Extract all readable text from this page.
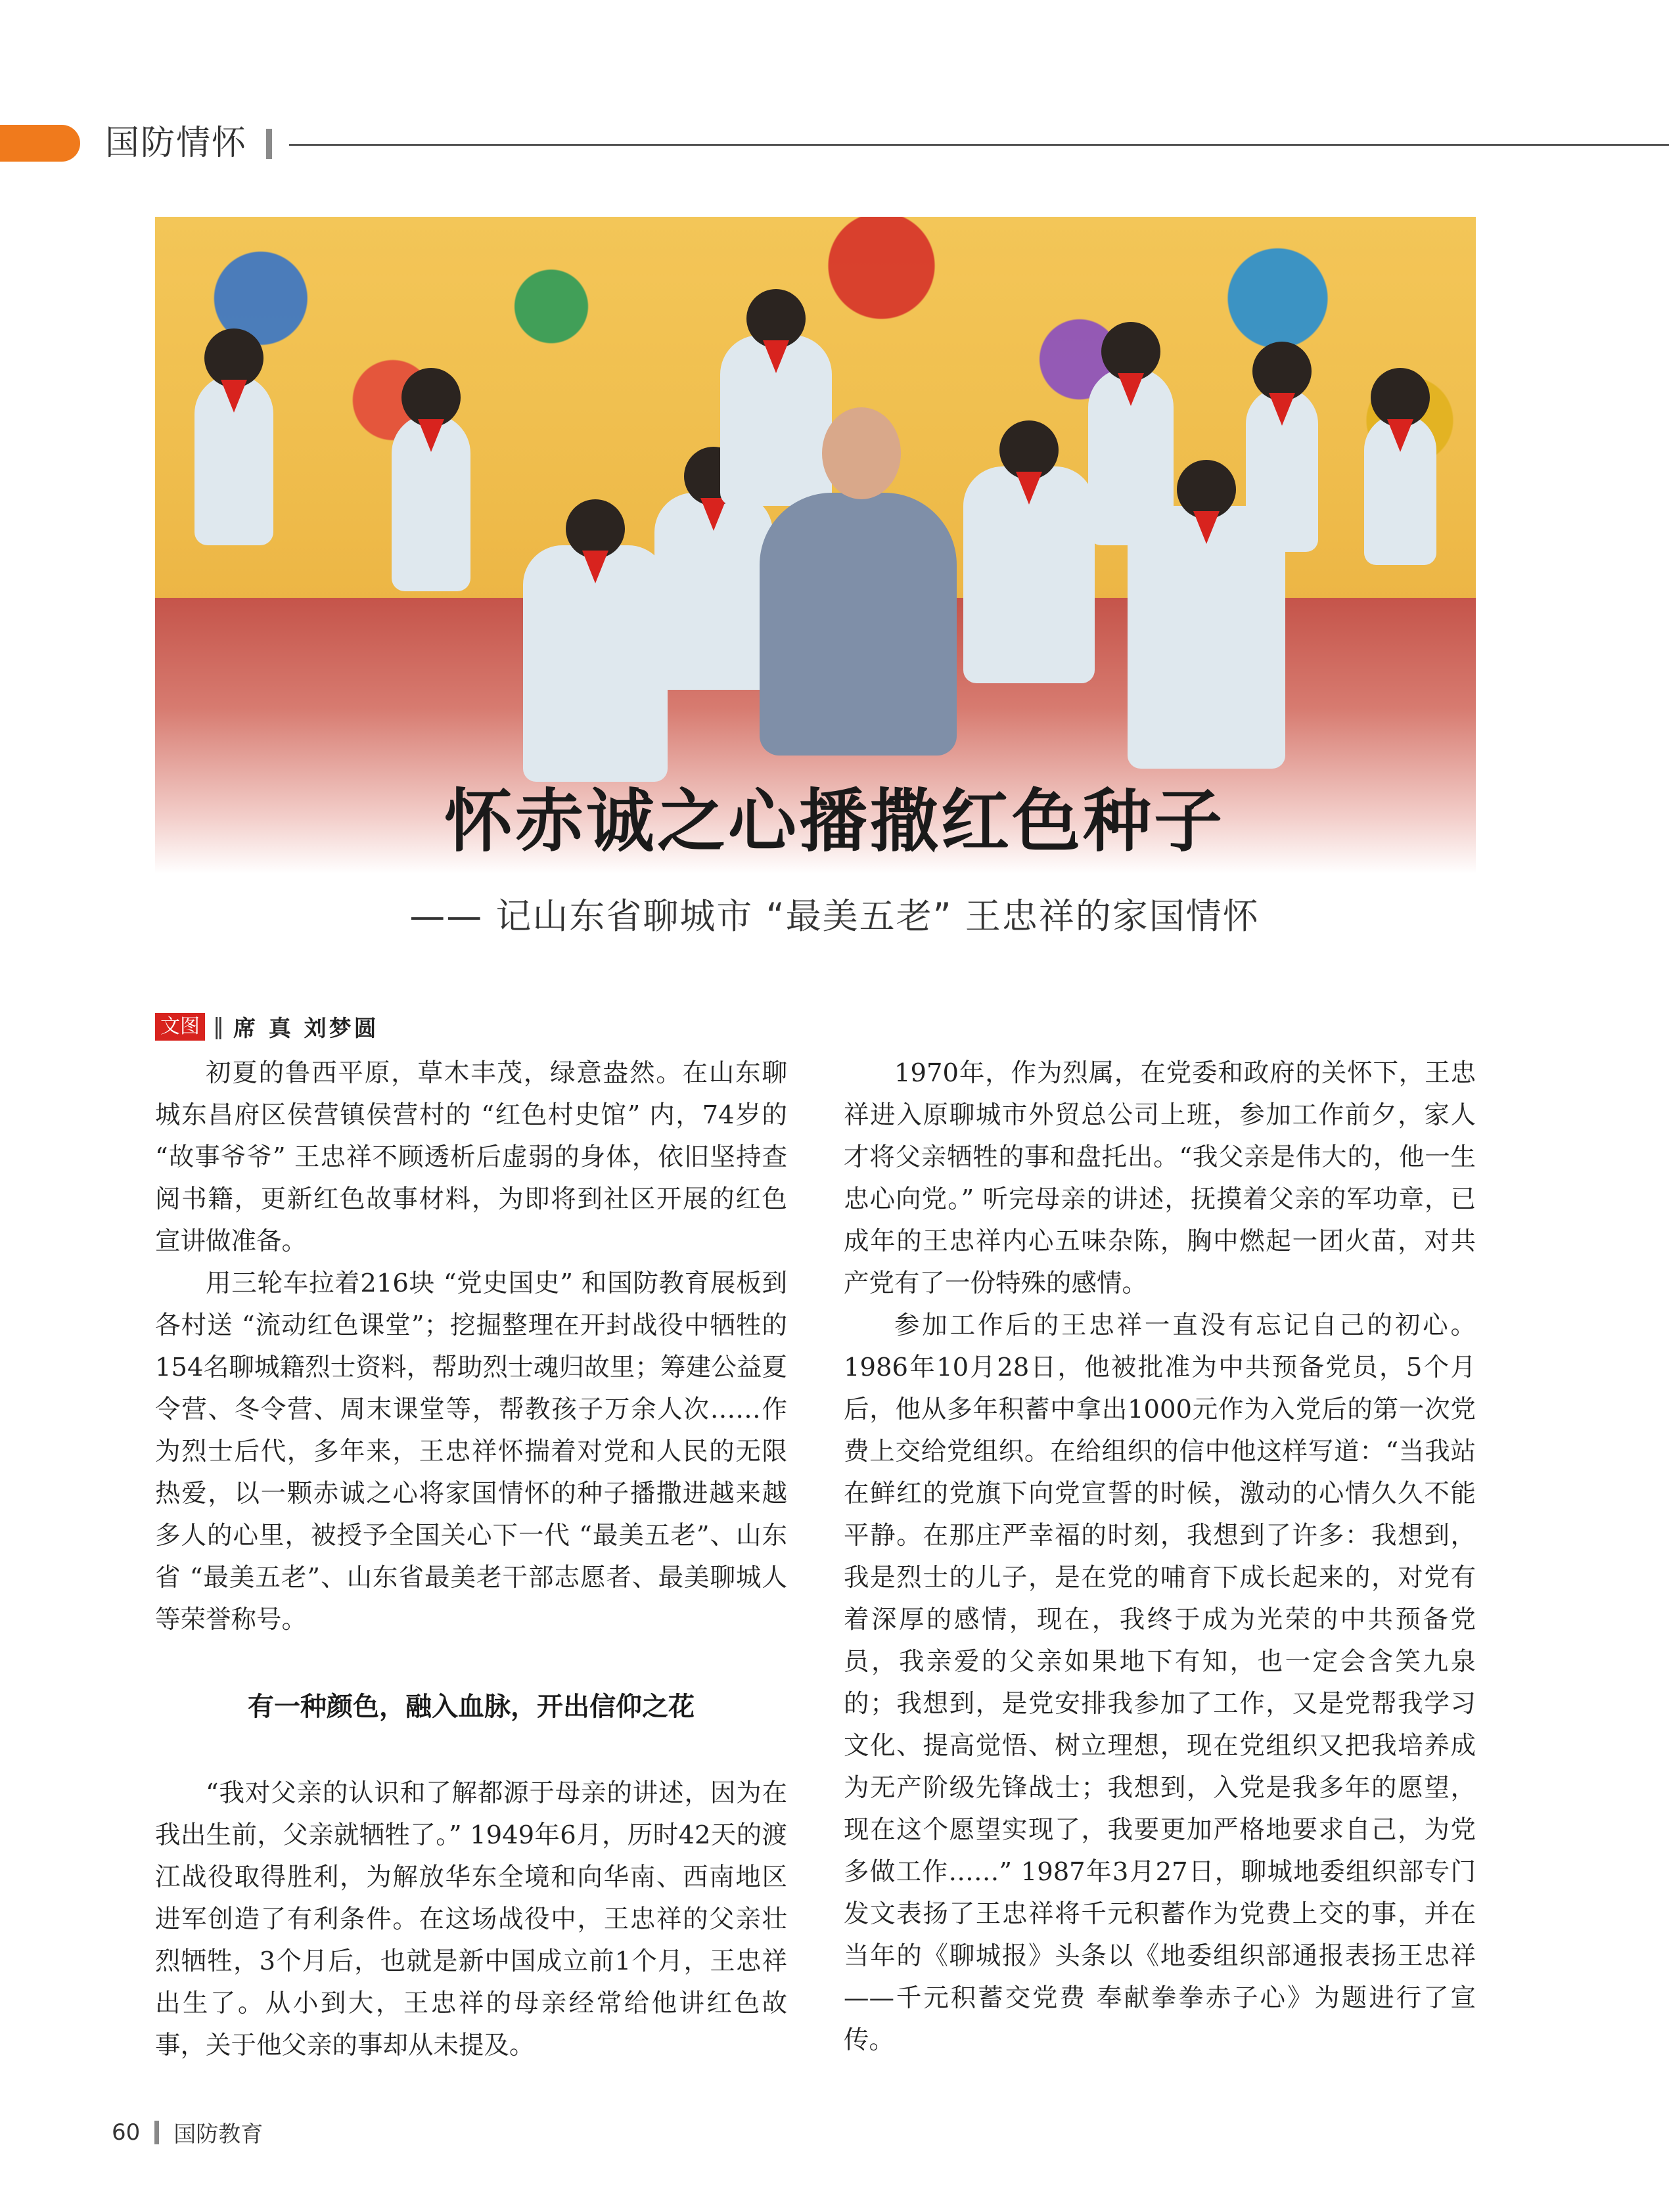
国防情怀
怀赤诚之心播撒红色种子
—— 记山东省聊城市 “最美五老” 王忠祥的家国情怀
文图 ‖ 席 真 刘梦圆

初夏的鲁西平原，草木丰茂，绿意盎然。在山东聊城东昌府区侯营镇侯营村的 “红色村史馆” 内，74岁的 “故事爷爷” 王忠祥不顾透析后虚弱的身体，依旧坚持查阅书籍，更新红色故事材料，为即将到社区开展的红色宣讲做准备。

用三轮车拉着216块 “党史国史” 和国防教育展板到各村送 “流动红色课堂”；挖掘整理在开封战役中牺牲的154名聊城籍烈士资料，帮助烈士魂归故里；筹建公益夏令营、冬令营、周末课堂等，帮教孩子万余人次……作为烈士后代，多年来，王忠祥怀揣着对党和人民的无限热爱，以一颗赤诚之心将家国情怀的种子播撒进越来越多人的心里，被授予全国关心下一代 “最美五老”、山东省 “最美五老”、山东省最美老干部志愿者、最美聊城人等荣誉称号。

有一种颜色，融入血脉，开出信仰之花

“我对父亲的认识和了解都源于母亲的讲述，因为在我出生前，父亲就牺牲了。” 1949年6月，历时42天的渡江战役取得胜利，为解放华东全境和向华南、西南地区进军创造了有利条件。在这场战役中，王忠祥的父亲壮烈牺牲，3个月后，也就是新中国成立前1个月，王忠祥出生了。从小到大，王忠祥的母亲经常给他讲红色故事，关于他父亲的事却从未提及。

1970年，作为烈属，在党委和政府的关怀下，王忠祥进入原聊城市外贸总公司上班，参加工作前夕，家人才将父亲牺牲的事和盘托出。“我父亲是伟大的，他一生忠心向党。” 听完母亲的讲述，抚摸着父亲的军功章，已成年的王忠祥内心五味杂陈，胸中燃起一团火苗，对共产党有了一份特殊的感情。

参加工作后的王忠祥一直没有忘记自己的初心。1986年10月28日，他被批准为中共预备党员，5个月后，他从多年积蓄中拿出1000元作为入党后的第一次党费上交给党组织。在给组织的信中他这样写道：“当我站在鲜红的党旗下向党宣誓的时候，激动的心情久久不能平静。在那庄严幸福的时刻，我想到了许多：我想到，我是烈士的儿子，是在党的哺育下成长起来的，对党有着深厚的感情，现在，我终于成为光荣的中共预备党员，我亲爱的父亲如果地下有知，也一定会含笑九泉的；我想到，是党安排我参加了工作，又是党帮我学习文化、提高觉悟、树立理想，现在党组织又把我培养成为无产阶级先锋战士；我想到，入党是我多年的愿望，现在这个愿望实现了，我要更加严格地要求自己，为党多做工作……” 1987年3月27日，聊城地委组织部专门发文表扬了王忠祥将千元积蓄作为党费上交的事，并在当年的《聊城报》头条以《地委组织部通报表扬王忠祥——千元积蓄交党费 奉献拳拳赤子心》为题进行了宣传。

60 国防教育
